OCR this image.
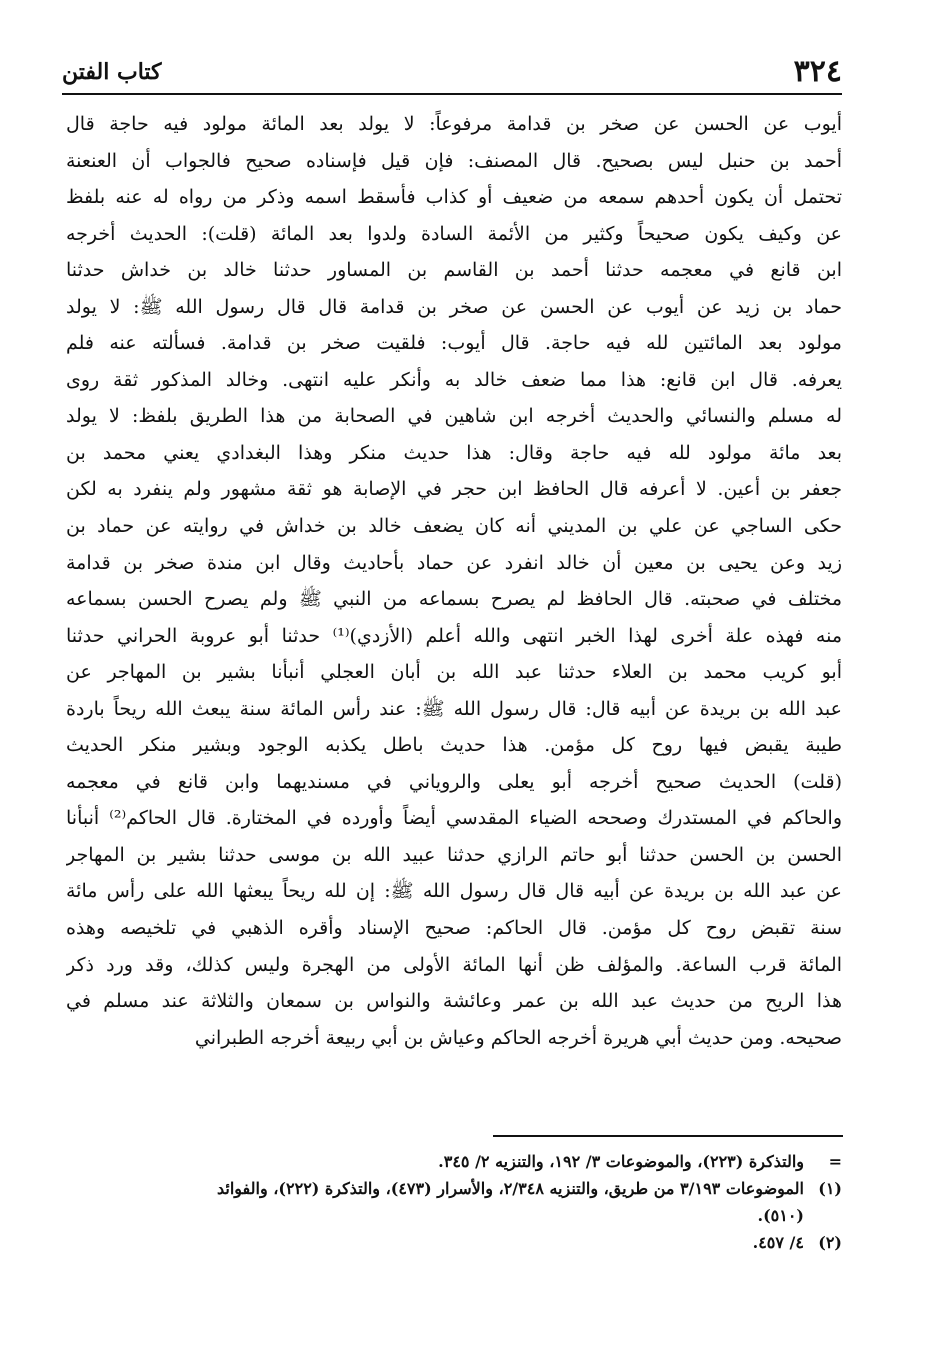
٣٢٤
كتاب الفتن
أيوب عن الحسن عن صخر بن قدامة مرفوعاً: لا يولد بعد المائة مولود فيه حاجة قال
أحمد بن حنبل ليس بصحيح. قال المصنف: فإن قيل فإسناده صحيح فالجواب أن العنعنة
تحتمل أن يكون أحدهم سمعه من ضعيف أو كذاب فأسقط اسمه وذكر من رواه له عنه بلفظ
عن وكيف يكون صحيحاً وكثير من الأئمة السادة ولدوا بعد المائة (قلت): الحديث أخرجه
ابن قانع في معجمه حدثنا أحمد بن القاسم بن المساور حدثنا خالد بن خداش حدثنا
حماد بن زيد عن أيوب عن الحسن عن صخر بن قدامة قال قال رسول الله ﷺ: لا يولد
مولود بعد المائتين لله فيه حاجة. قال أيوب: فلقيت صخر بن قدامة. فسألته عنه فلم
يعرفه. قال ابن قانع: هذا مما ضعف خالد به وأنكر عليه انتهى. وخالد المذكور ثقة روى
له مسلم والنسائي والحديث أخرجه ابن شاهين في الصحابة من هذا الطريق بلفظ: لا يولد
بعد مائة مولود لله فيه حاجة وقال: هذا حديث منكر وهذا البغدادي يعني محمد بن
جعفر بن أعين. لا أعرفه قال الحافظ ابن حجر في الإصابة هو ثقة مشهور ولم ينفرد به لكن
حكى الساجي عن علي بن المديني أنه كان يضعف خالد بن خداش في روايته عن حماد بن
زيد وعن يحيى بن معين أن خالد انفرد عن حماد بأحاديث وقال ابن مندة صخر بن قدامة
مختلف في صحبته. قال الحافظ لم يصرح بسماعه من النبي ﷺ ولم يصرح الحسن بسماعه
منه فهذه علة أخرى لهذا الخبر انتهى والله أعلم (الأزدي)⁽¹⁾ حدثنا أبو عروبة الحراني حدثنا
أبو كريب محمد بن العلاء حدثنا عبد الله بن أبان العجلي أنبأنا بشير بن المهاجر عن
عبد الله بن بريدة عن أبيه قال: قال رسول الله ﷺ: عند رأس المائة سنة يبعث الله ريحاً باردة
طيبة يقبض فيها روح كل مؤمن. هذا حديث باطل يكذبه الوجود وبشير منكر الحديث
(قلت) الحديث صحيح أخرجه أبو يعلى والروياني في مسنديهما وابن قانع في معجمه
والحاكم في المستدرك وصححه الضياء المقدسي أيضاً وأورده في المختارة. قال الحاكم⁽²⁾ أنبأنا
الحسن بن الحسن حدثنا أبو حاتم الرازي حدثنا عبيد الله بن موسى حدثنا بشير بن المهاجر
عن عبد الله بن بريدة عن أبيه قال قال رسول الله ﷺ: إن لله ريحاً يبعثها الله على رأس مائة
سنة تقبض روح كل مؤمن. قال الحاكم: صحيح الإسناد وأقره الذهبي في تلخيصه وهذه
المائة قرب الساعة. والمؤلف ظن أنها المائة الأولى من الهجرة وليس كذلك، وقد ورد ذكر
هذا الريح من حديث عبد الله بن عمر وعائشة والنواس بن سمعان والثلاثة عند مسلم في
صحيحه. ومن حديث أبي هريرة أخرجه الحاكم وعياش بن أبي ربيعة أخرجه الطبراني
=والتذكرة (٢٢٣)، والموضوعات ٣/ ١٩٢، والتنزيه ٢/ ٣٤٥.
(١)الموضوعات ٣/١٩٣ من طريق، والتنزيه ٢/٣٤٨، والأسرار (٤٧٣)، والتذكرة (٢٢٢)، والفوائد
(٥١٠).
(٢)٤/ ٤٥٧.
